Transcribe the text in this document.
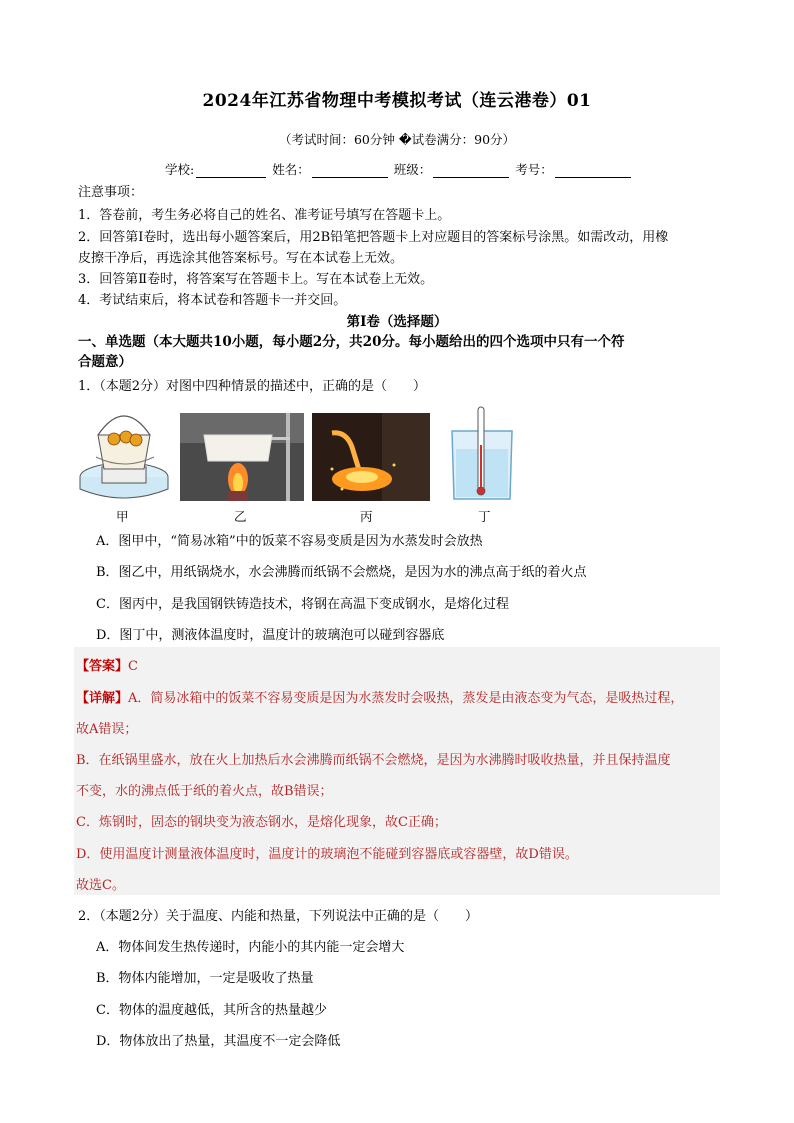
2024年江苏省物理中考模拟考试（连云港卷）01
（考试时间：60分钟 �试卷满分：90分）
学校:	姓名：	班级：	考号：
注意事项：
1．答卷前，考生务必将自己的姓名、准考证号填写在答题卡上。
2．回答第Ⅰ卷时，选出每小题答案后，用2B铅笔把答题卡上对应题目的答案标号涂黑。如需改动，用橡
皮擦干净后，再选涂其他答案标号。写在本试卷上无效。
3．回答第Ⅱ卷时，将答案写在答题卡上。写在本试卷上无效。
4．考试结束后，将本试卷和答题卡一并交回。
第Ⅰ卷（选择题）
一、单选题（本大题共10小题，每小题2分，共20分。每小题给出的四个选项中只有一个符
合题意）
1．（本题2分）对图中四种情景的描述中，正确的是（　　）
甲	乙	丙	丁
A．图甲中，“简易冰箱”中的饭菜不容易变质是因为水蒸发时会放热
B．图乙中，用纸锅烧水，水会沸腾而纸锅不会燃烧，是因为水的沸点高于纸的着火点
C．图丙中，是我国钢铁铸造技术，将钢在高温下变成钢水，是熔化过程
D．图丁中，测液体温度时，温度计的玻璃泡可以碰到容器底
【答案】C
【详解】A．简易冰箱中的饭菜不容易变质是因为水蒸发时会吸热，蒸发是由液态变为气态，是吸热过程，
故A错误；
B．在纸锅里盛水，放在火上加热后水会沸腾而纸锅不会燃烧，是因为水沸腾时吸收热量，并且保持温度
不变，水的沸点低于纸的着火点，故B错误；
C．炼钢时，固态的钢块变为液态钢水，是熔化现象，故C正确；
D．使用温度计测量液体温度时，温度计的玻璃泡不能碰到容器底或容器壁，故D错误。
故选C。
2．（本题2分）关于温度、内能和热量，下列说法中正确的是（　　）
A．物体间发生热传递时，内能小的其内能一定会增大
B．物体内能增加，一定是吸收了热量
C．物体的温度越低，其所含的热量越少
D．物体放出了热量，其温度不一定会降低
